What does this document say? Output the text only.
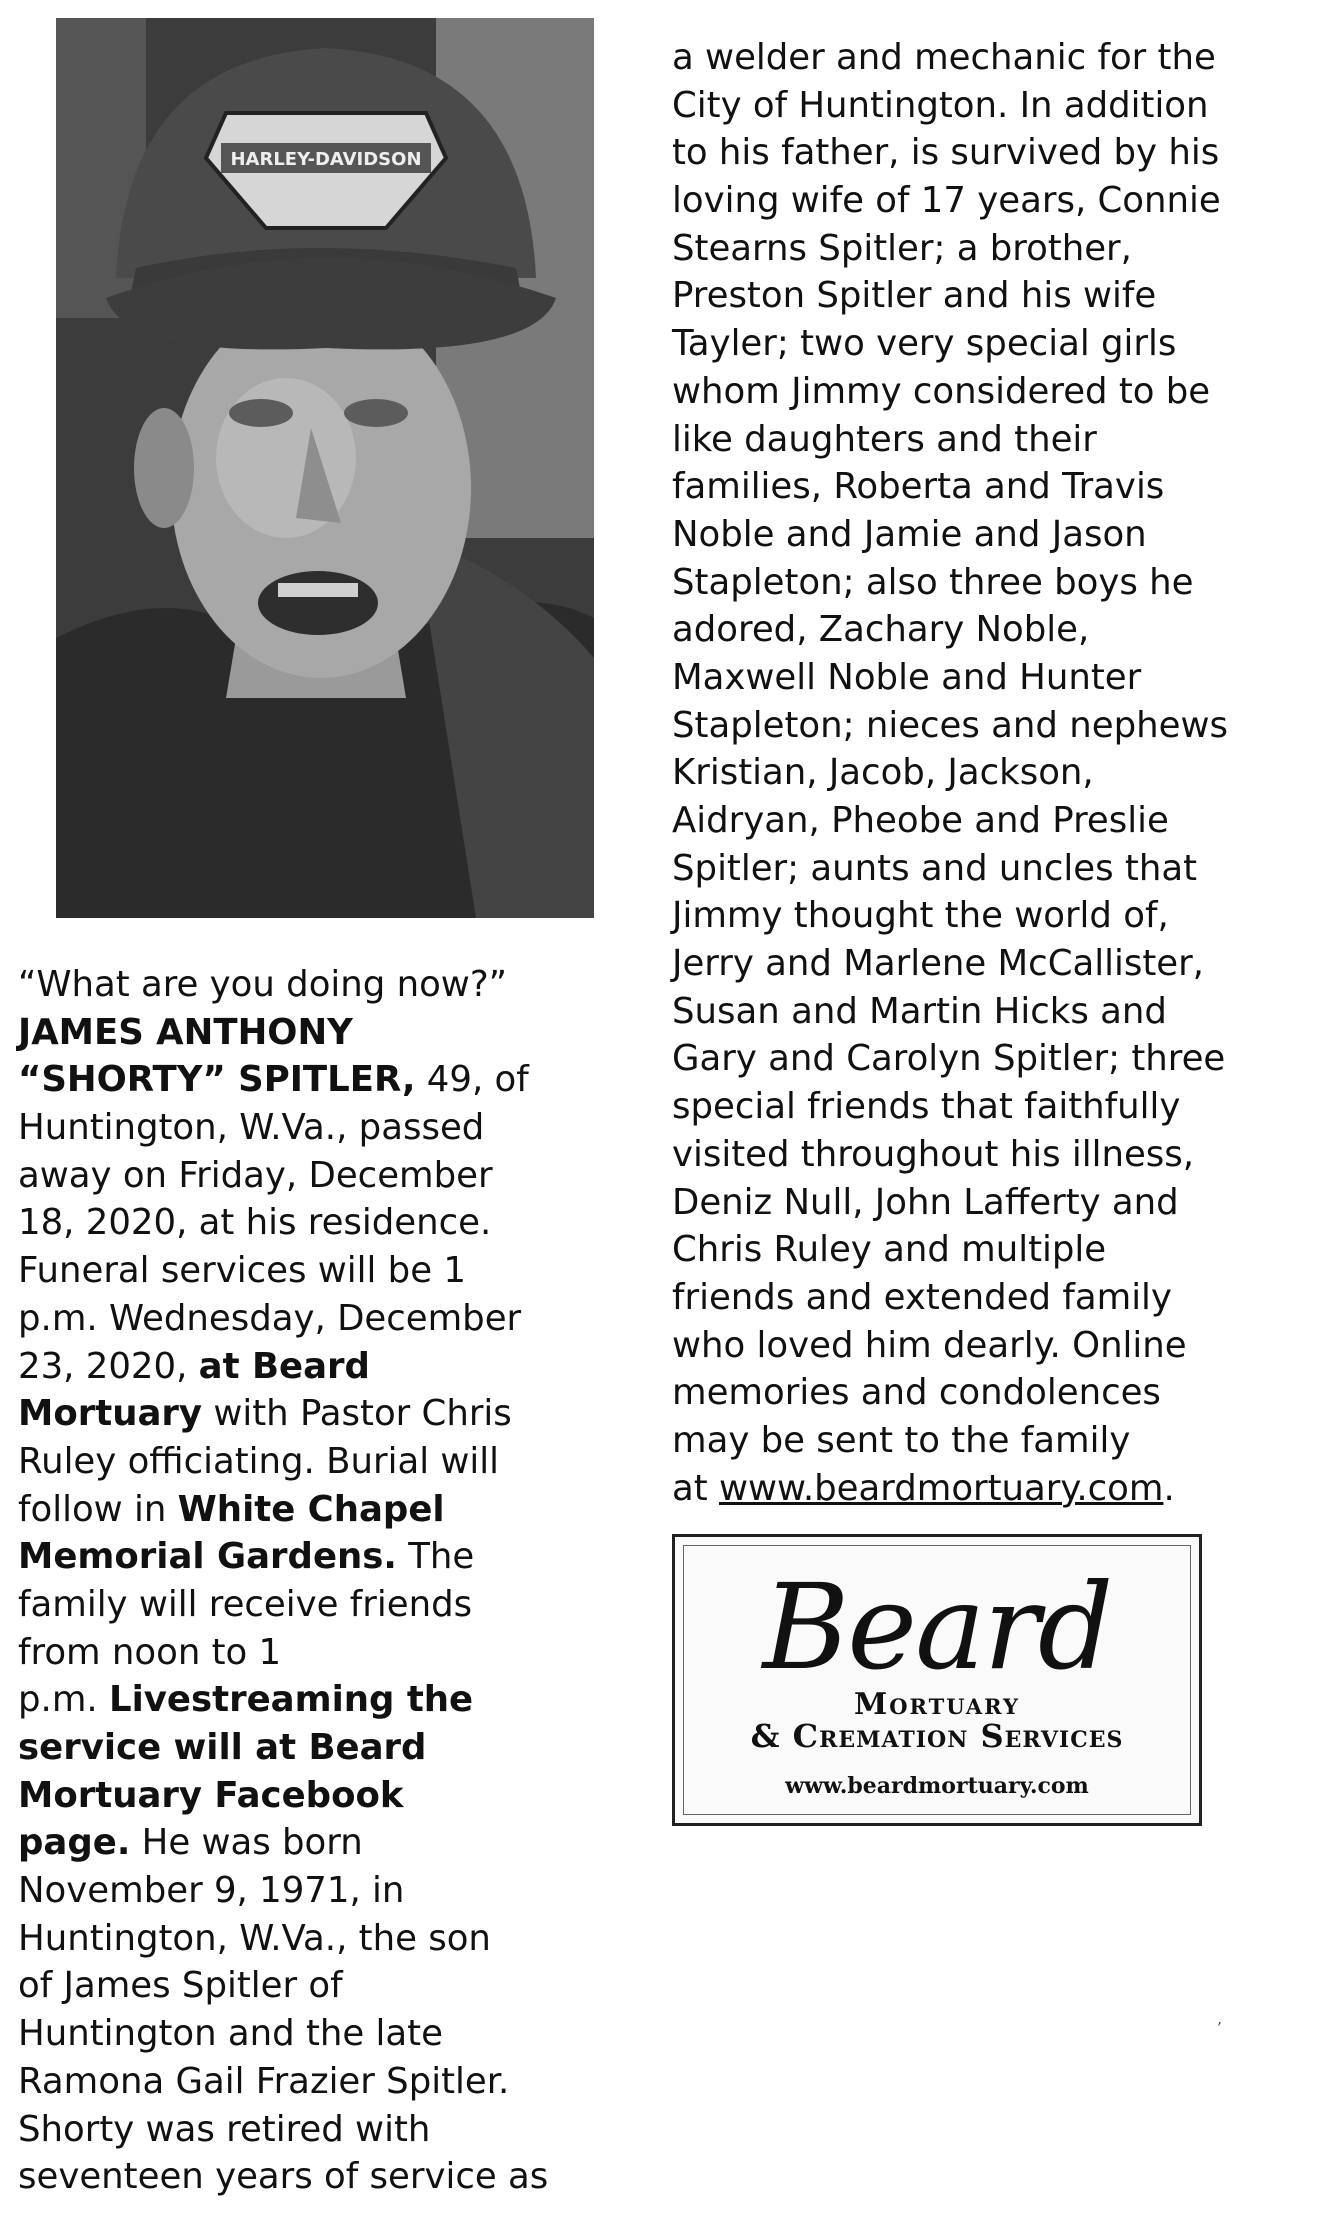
HARLEY-DAVIDSON
“What are you doing now?”
JAMES ANTHONY
“SHORTY” SPITLER, 49, of
Huntington, W.Va., passed
away on Friday, December
18, 2020, at his residence.
Funeral services will be 1
p.m. Wednesday, December
23, 2020, at Beard
Mortuary with Pastor Chris
Ruley officiating. Burial will
follow in White Chapel
Memorial Gardens. The
family will receive friends
from noon to 1
p.m. Livestreaming the
service will at Beard
Mortuary Facebook
page. He was born
November 9, 1971, in
Huntington, W.Va., the son
of James Spitler of
Huntington and the late
Ramona Gail Frazier Spitler.
Shorty was retired with
seventeen years of service as
a welder and mechanic for the
City of Huntington. In addition
to his father, is survived by his
loving wife of 17 years, Connie
Stearns Spitler; a brother,
Preston Spitler and his wife
Tayler; two very special girls
whom Jimmy considered to be
like daughters and their
families, Roberta and Travis
Noble and Jamie and Jason
Stapleton; also three boys he
adored, Zachary Noble,
Maxwell Noble and Hunter
Stapleton; nieces and nephews
Kristian, Jacob, Jackson,
Aidryan, Pheobe and Preslie
Spitler; aunts and uncles that
Jimmy thought the world of,
Jerry and Marlene McCallister,
Susan and Martin Hicks and
Gary and Carolyn Spitler; three
special friends that faithfully
visited throughout his illness,
Deniz Null, John Lafferty and
Chris Ruley and multiple
friends and extended family
who loved him dearly. Online
memories and condolences
may be sent to the family
at www.beardmortuary.com.
Beard
Mortuary
& Cremation Services
www.beardmortuary.com
,
